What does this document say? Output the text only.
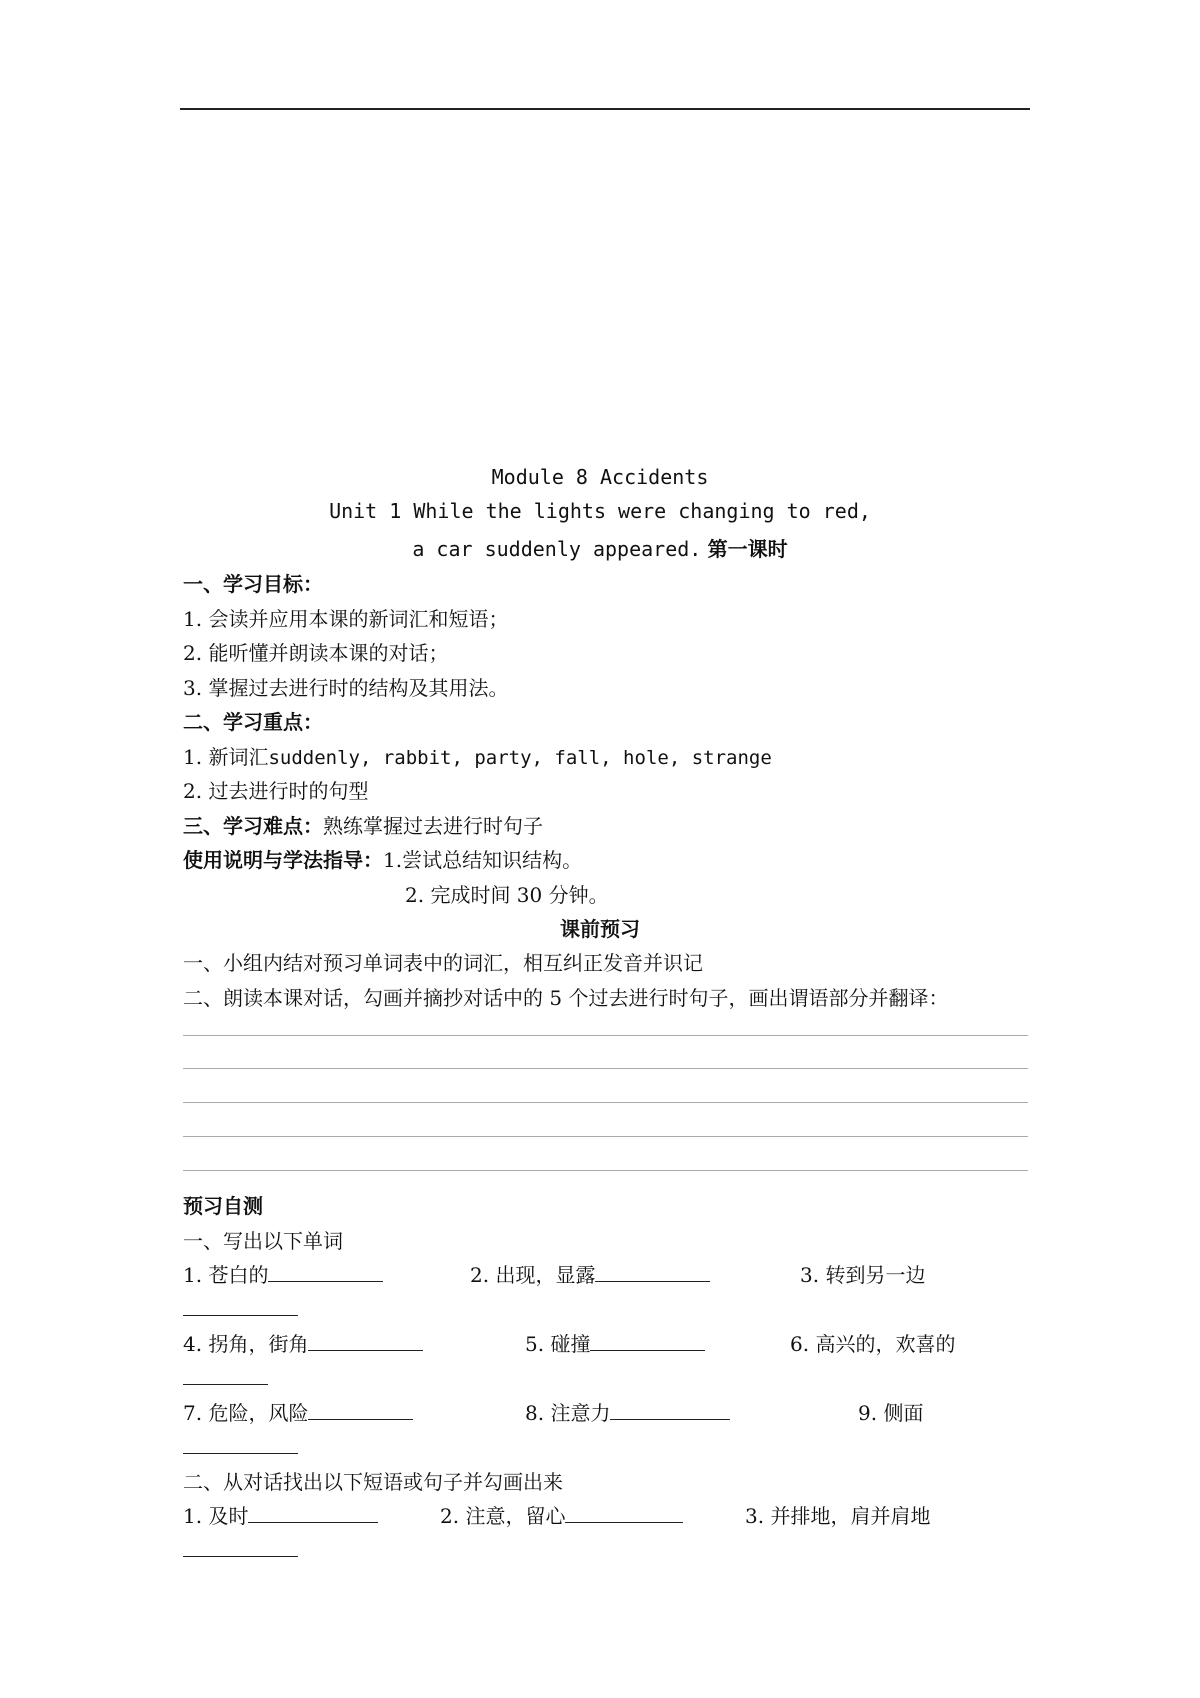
Module 8 Accidents
Unit 1 While the lights were changing to red,
a car suddenly appeared. 第一课时
一、学习目标：
1. 会读并应用本课的新词汇和短语；
2. 能听懂并朗读本课的对话；
3. 掌握过去进行时的结构及其用法。
二、学习重点：
1. 新词汇suddenly, rabbit, party, fall, hole, strange
2. 过去进行时的句型
三、学习难点：熟练掌握过去进行时句子
使用说明与学法指导：1.尝试总结知识结构。
2. 完成时间 30 分钟。
课前预习
一、小组内结对预习单词表中的词汇，相互纠正发音并识记
二、朗读本课对话，勾画并摘抄对话中的 5 个过去进行时句子，画出谓语部分并翻译：
预习自测
一、写出以下单词
1. 苍白的	2. 出现，显露	3. 转到另一边
4. 拐角，街角	5. 碰撞	6. 高兴的，欢喜的
7. 危险，风险	8. 注意力	9. 侧面
二、从对话找出以下短语或句子并勾画出来
1. 及时	2. 注意，留心	3. 并排地，肩并肩地
